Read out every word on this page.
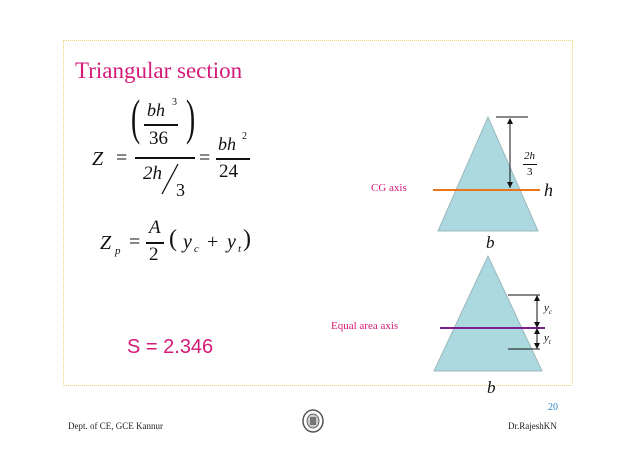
Triangular section
Z =
( )
bh 3
36
2h
3
=
bh 2
24
Z p =
A
2
( y c + y t )
S = 2.346
CG axis
2h
3
h
b
Equal area axis
$y_c$
$y_t$
b
20
Dept. of CE, GCE Kannur	Dr.RajeshKN
